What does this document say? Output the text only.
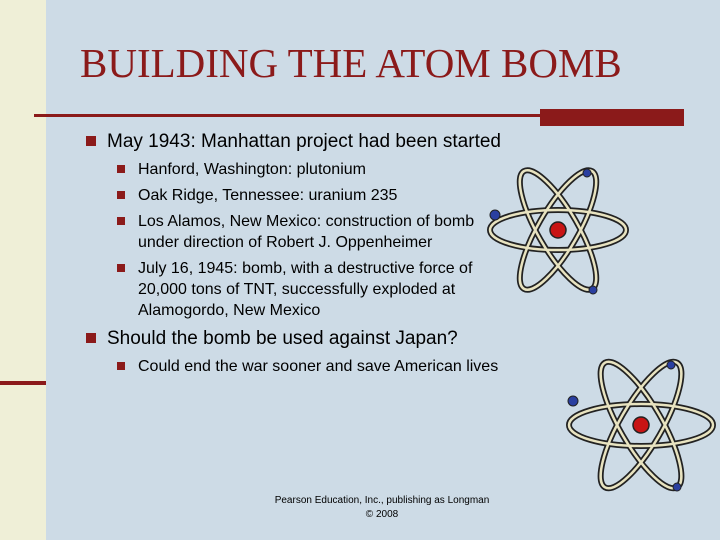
BUILDING THE ATOM BOMB
May 1943: Manhattan project had been started
Hanford, Washington: plutonium
Oak Ridge, Tennessee: uranium 235
Los Alamos, New Mexico: construction of bomb under direction of Robert J. Oppenheimer
July 16, 1945: bomb, with a destructive force of 20,000 tons of TNT, successfully exploded at Alamogordo, New Mexico
Should the bomb be used against Japan?
Could end the war sooner and save American lives
Pearson Education, Inc., publishing as Longman
© 2008
